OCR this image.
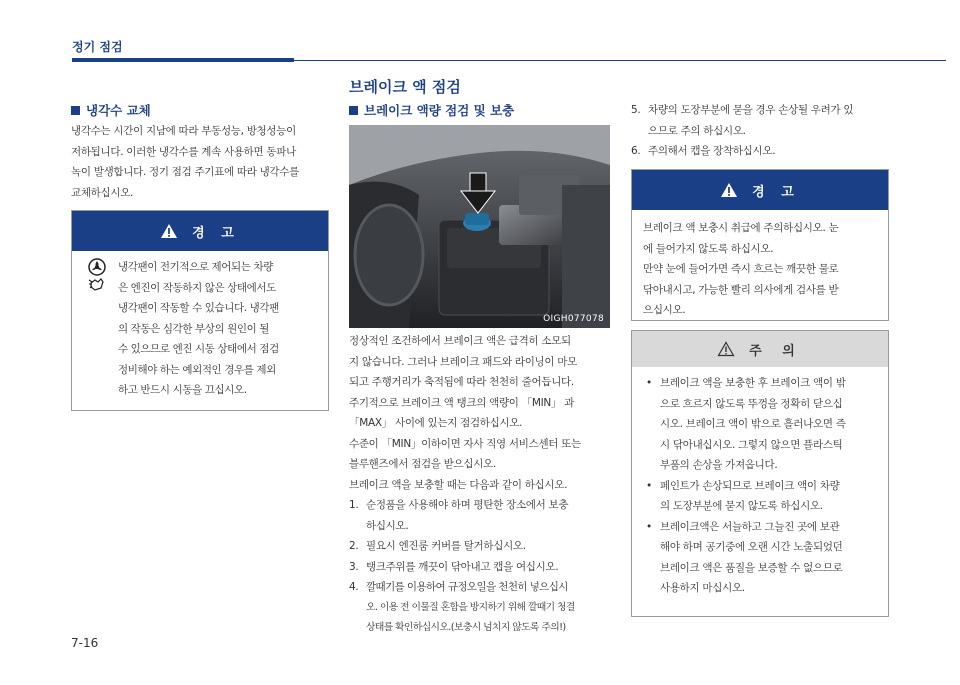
정기 점검
브레이크 액 점검
냉각수 교체
냉각수는 시간이 지남에 따라 부동성능, 방청성능이
저하됩니다. 이러한 냉각수를 계속 사용하면 동파나
녹이 발생합니다. 정기 점검 주기표에 따라 냉각수를
교체하십시오.
경 고
냉각팬이 전기적으로 제어되는 차량
은 엔진이 작동하지 않은 상태에서도
냉각팬이 작동할 수 있습니다. 냉각팬
의 작동은 심각한 부상의 원인이 될
수 있으므로 엔진 시동 상태에서 점검
정비해야 하는 예외적인 경우를 제외
하고 반드시 시동을 끄십시오.
브레이크 액량 점검 및 보충
OIGH077078
정상적인 조건하에서 브레이크 액은 급격히 소모되
지 않습니다. 그러나 브레이크 패드와 라이닝이 마모
되고 주행거리가 축적됨에 따라 천천히 줄어듭니다.
주기적으로 브레이크 액 탱크의 액량이 「MIN」 과
「MAX」 사이에 있는지 점검하십시오.
수준이 「MIN」이하이면 자사 직영 서비스센터 또는
블루핸즈에서 점검을 받으십시오.
브레이크 액을 보충할 때는 다음과 같이 하십시오.
1. 순정품을 사용해야 하며 평탄한 장소에서 보충
하십시오.
2. 필요시 엔진룸 커버를 탈거하십시오.
3. 탱크주위를 깨끗이 닦아내고 캡을 여십시오.
4. 깔때기를 이용하여 규정오일을 천천히 넣으십시
오. 이용 전 이물질 혼합을 방지하기 위해 깔때기 청결
상태를 확인하십시오.(보충시 넘치지 않도록 주의!)
5. 차량의 도장부분에 묻을 경우 손상될 우려가 있
으므로 주의 하십시오.
6. 주의해서 캡을 장착하십시오.
경 고
브레이크 액 보충시 취급에 주의하십시오. 눈
에 들어가지 않도록 하십시오.
만약 눈에 들어가면 즉시 흐르는 깨끗한 물로
닦아내시고, 가능한 빨리 의사에게 검사를 받
으십시오.
주 의
• 브레이크 액을 보충한 후 브레이크 액이 밖
으로 흐르지 않도록 뚜껑을 정확히 닫으십
시오. 브레이크 액이 밖으로 흘러나오면 즉
시 닦아내십시오. 그렇지 않으면 플라스틱
부품의 손상을 가져옵니다.
• 페인트가 손상되므로 브레이크 액이 차량
의 도장부분에 묻지 않도록 하십시오.
• 브레이크액은 서늘하고 그늘진 곳에 보관
해야 하며 공기중에 오랜 시간 노출되었던
브레이크 액은 품질을 보증할 수 없으므로
사용하지 마십시오.
7-16
